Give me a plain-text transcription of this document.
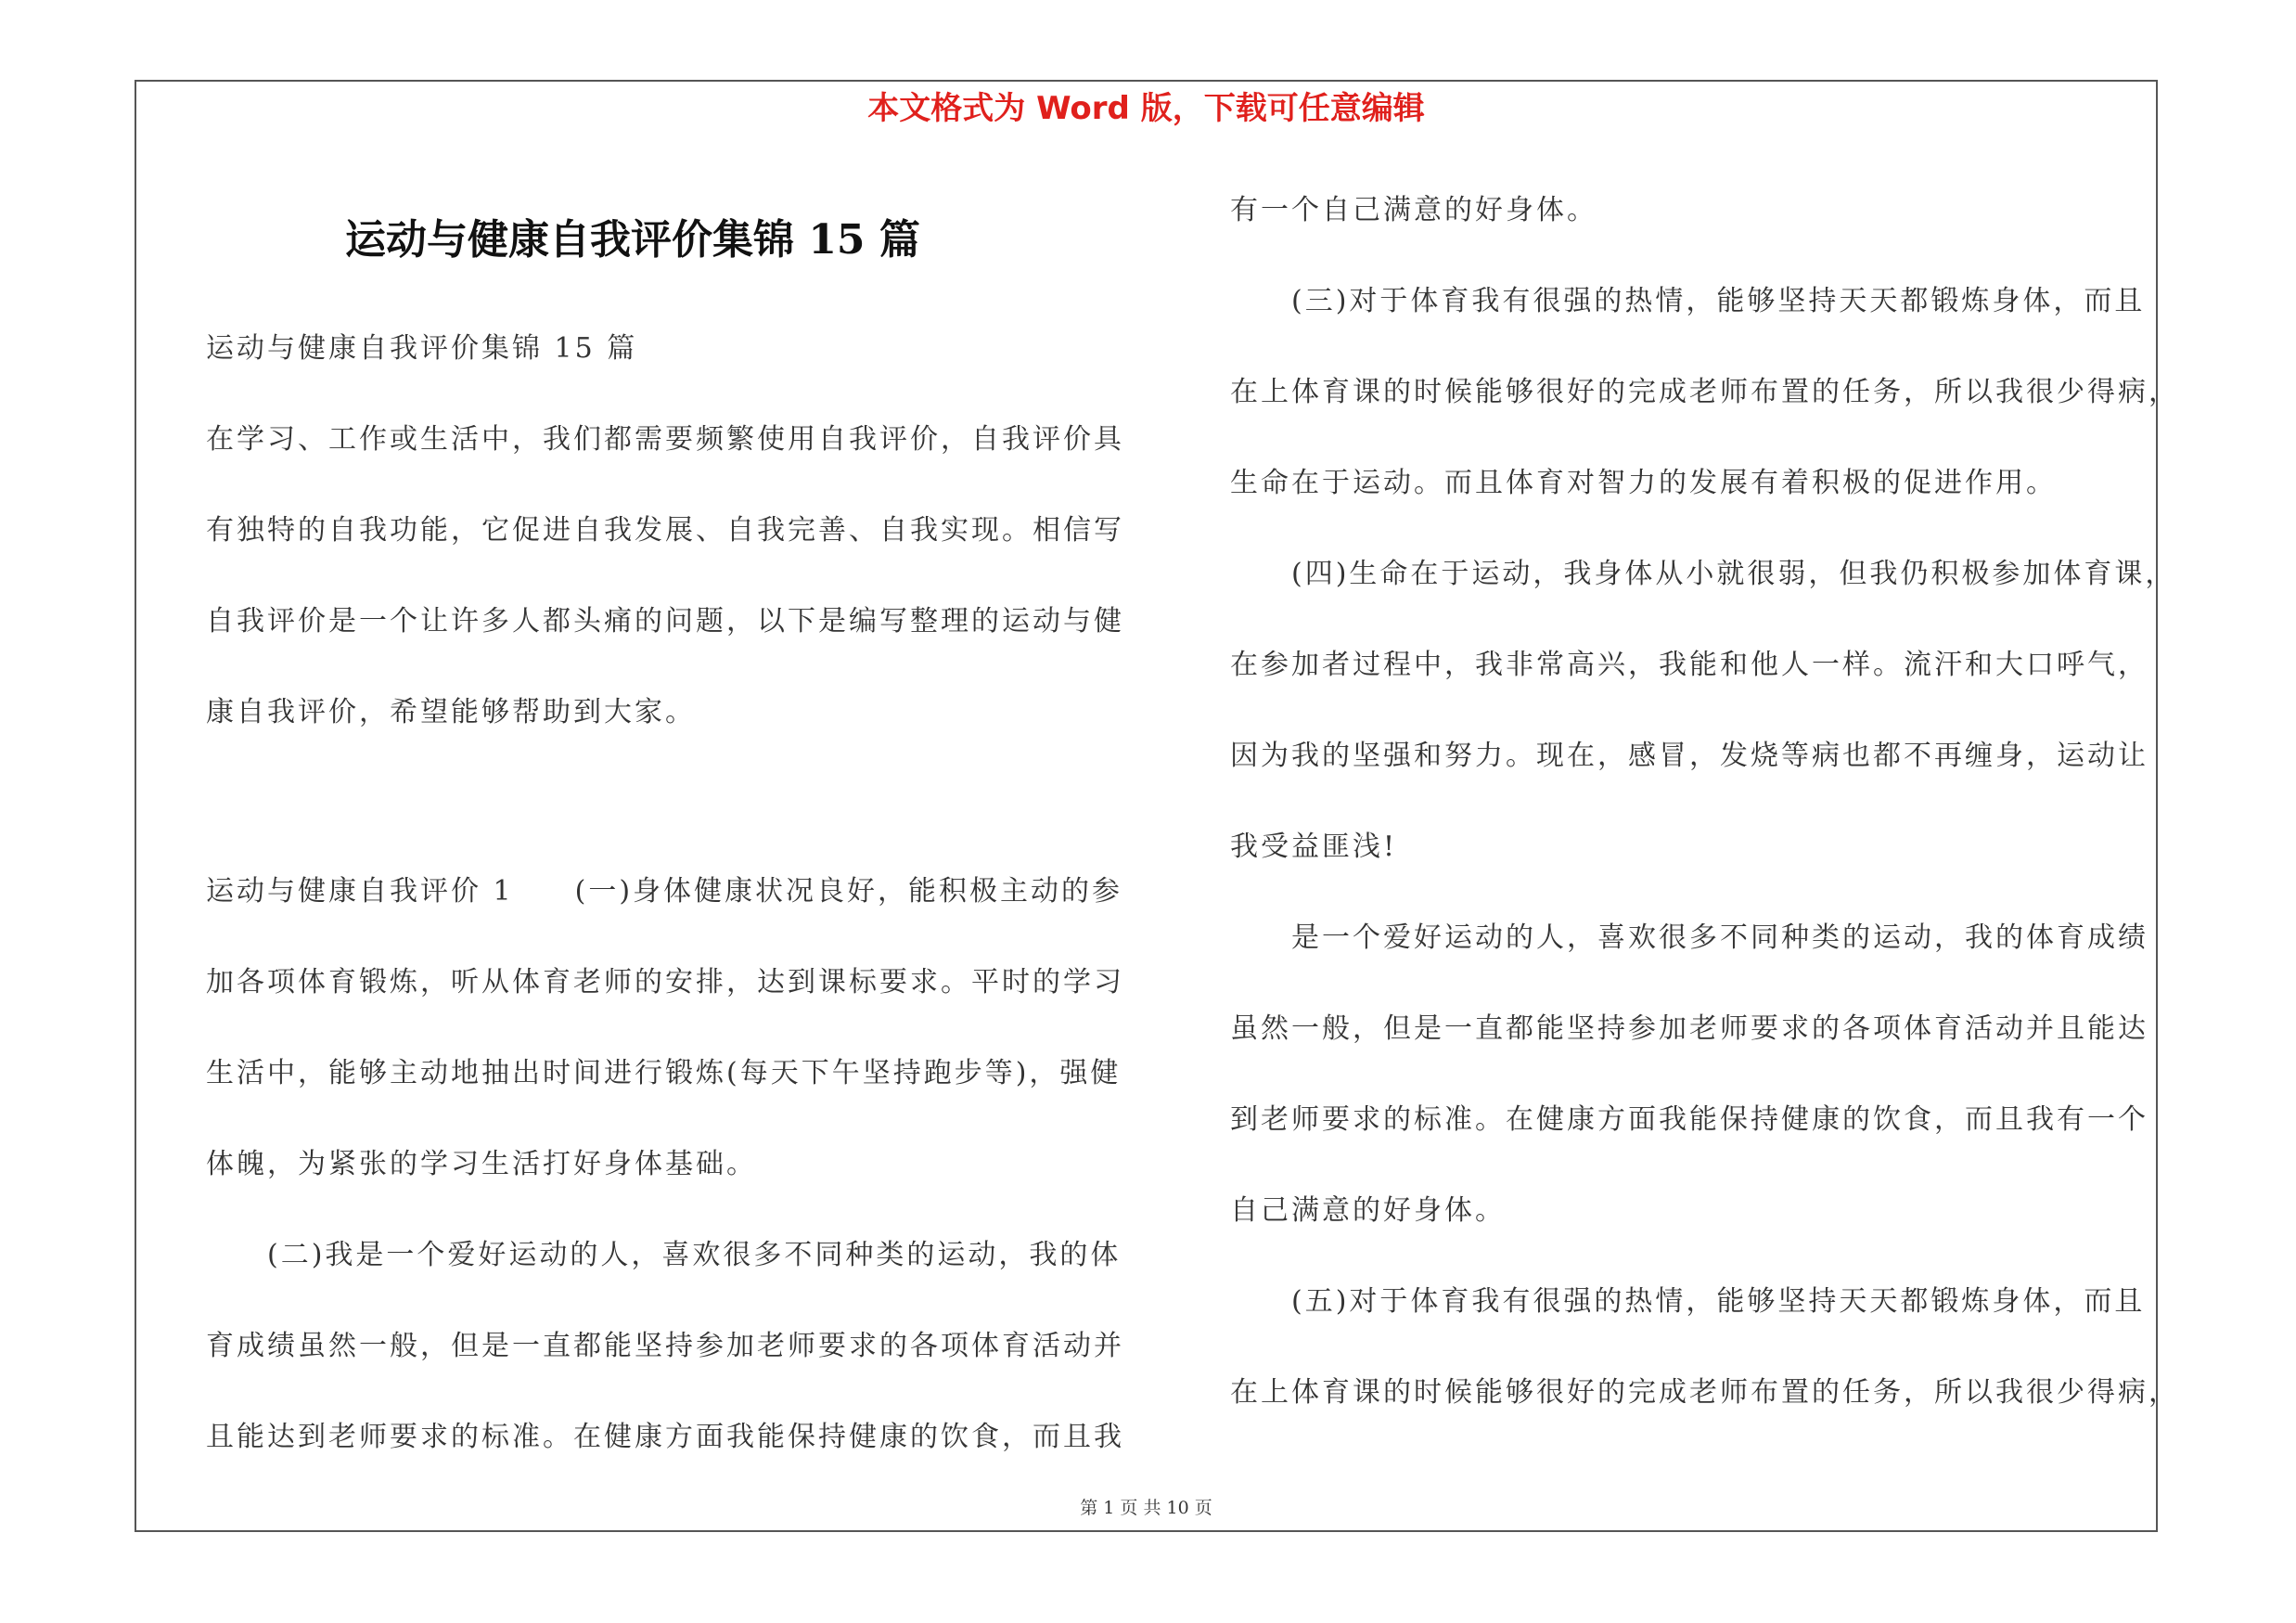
本文格式为 Word 版，下载可任意编辑
运动与健康自我评价集锦 15 篇
运动与健康自我评价集锦 15 篇
在学习、工作或生活中，我们都需要频繁使用自我评价，自我评价具
有独特的自我功能，它促进自我发展、自我完善、自我实现。相信写
自我评价是一个让许多人都头痛的问题，以下是编写整理的运动与健
康自我评价，希望能够帮助到大家。
运动与健康自我评价 1　　(一)身体健康状况良好，能积极主动的参
加各项体育锻炼，听从体育老师的安排，达到课标要求。平时的学习
生活中，能够主动地抽出时间进行锻炼(每天下午坚持跑步等)，强健
体魄，为紧张的学习生活打好身体基础。
　　(二)我是一个爱好运动的人，喜欢很多不同种类的运动，我的体
育成绩虽然一般，但是一直都能坚持参加老师要求的各项体育活动并
且能达到老师要求的标准。在健康方面我能保持健康的饮食，而且我
有一个自己满意的好身体。
　　(三)对于体育我有很强的热情，能够坚持天天都锻炼身体，而且
在上体育课的时候能够很好的完成老师布置的任务，所以我很少得病，
生命在于运动。而且体育对智力的发展有着积极的促进作用。
　　(四)生命在于运动，我身体从小就很弱，但我仍积极参加体育课，
在参加者过程中，我非常高兴，我能和他人一样。流汗和大口呼气，
因为我的坚强和努力。现在，感冒，发烧等病也都不再缠身，运动让
我受益匪浅!
　　是一个爱好运动的人，喜欢很多不同种类的运动，我的体育成绩
虽然一般，但是一直都能坚持参加老师要求的各项体育活动并且能达
到老师要求的标准。在健康方面我能保持健康的饮食，而且我有一个
自己满意的好身体。
　　(五)对于体育我有很强的热情，能够坚持天天都锻炼身体，而且
在上体育课的时候能够很好的完成老师布置的任务，所以我很少得病，
第 1 页 共 10 页
